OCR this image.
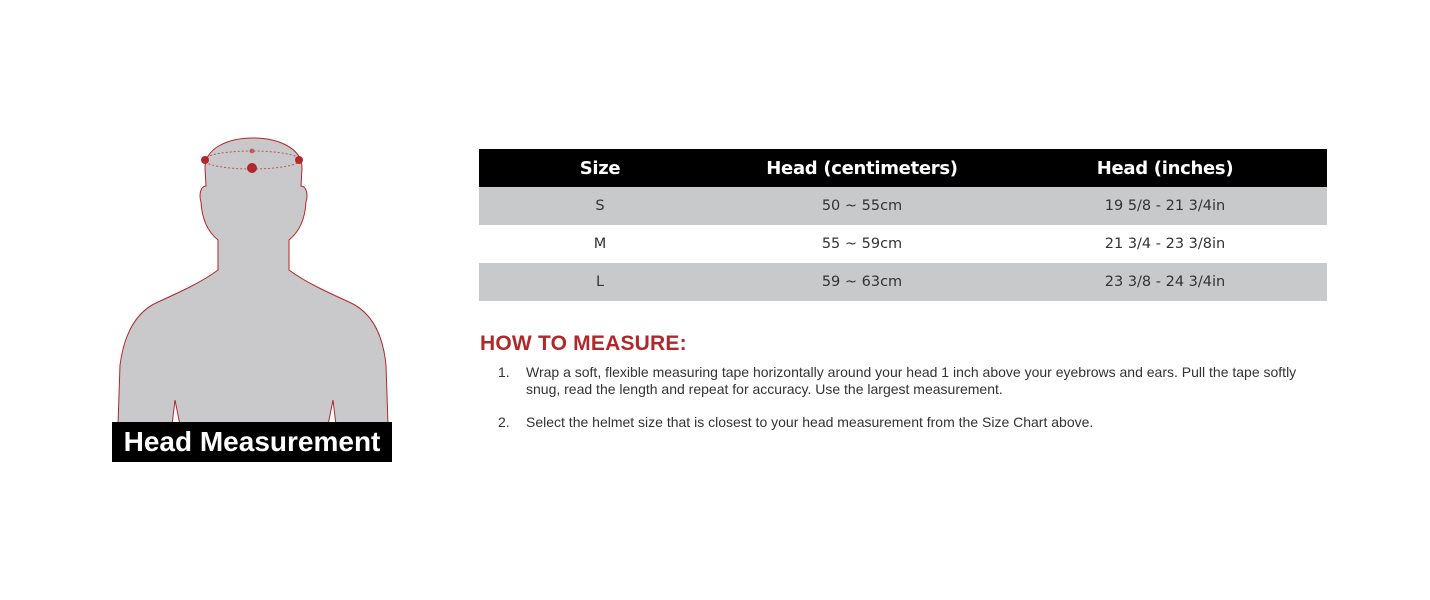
Head Measurement
Size	Head (centimeters)	Head (inches)
S	50 ~ 55cm	19 5/8 - 21 3/4in
M	55 ~ 59cm	21 3/4 - 23 3/8in
L	59 ~ 63cm	23 3/8 - 24 3/4in
HOW TO MEASURE:
1. Wrap a soft, flexible measuring tape horizontally around your head 1 inch above your eyebrows and ears. Pull the tape softly snug, read the length and repeat for accuracy. Use the largest measurement.
2. Select the helmet size that is closest to your head measurement from the Size Chart above.
